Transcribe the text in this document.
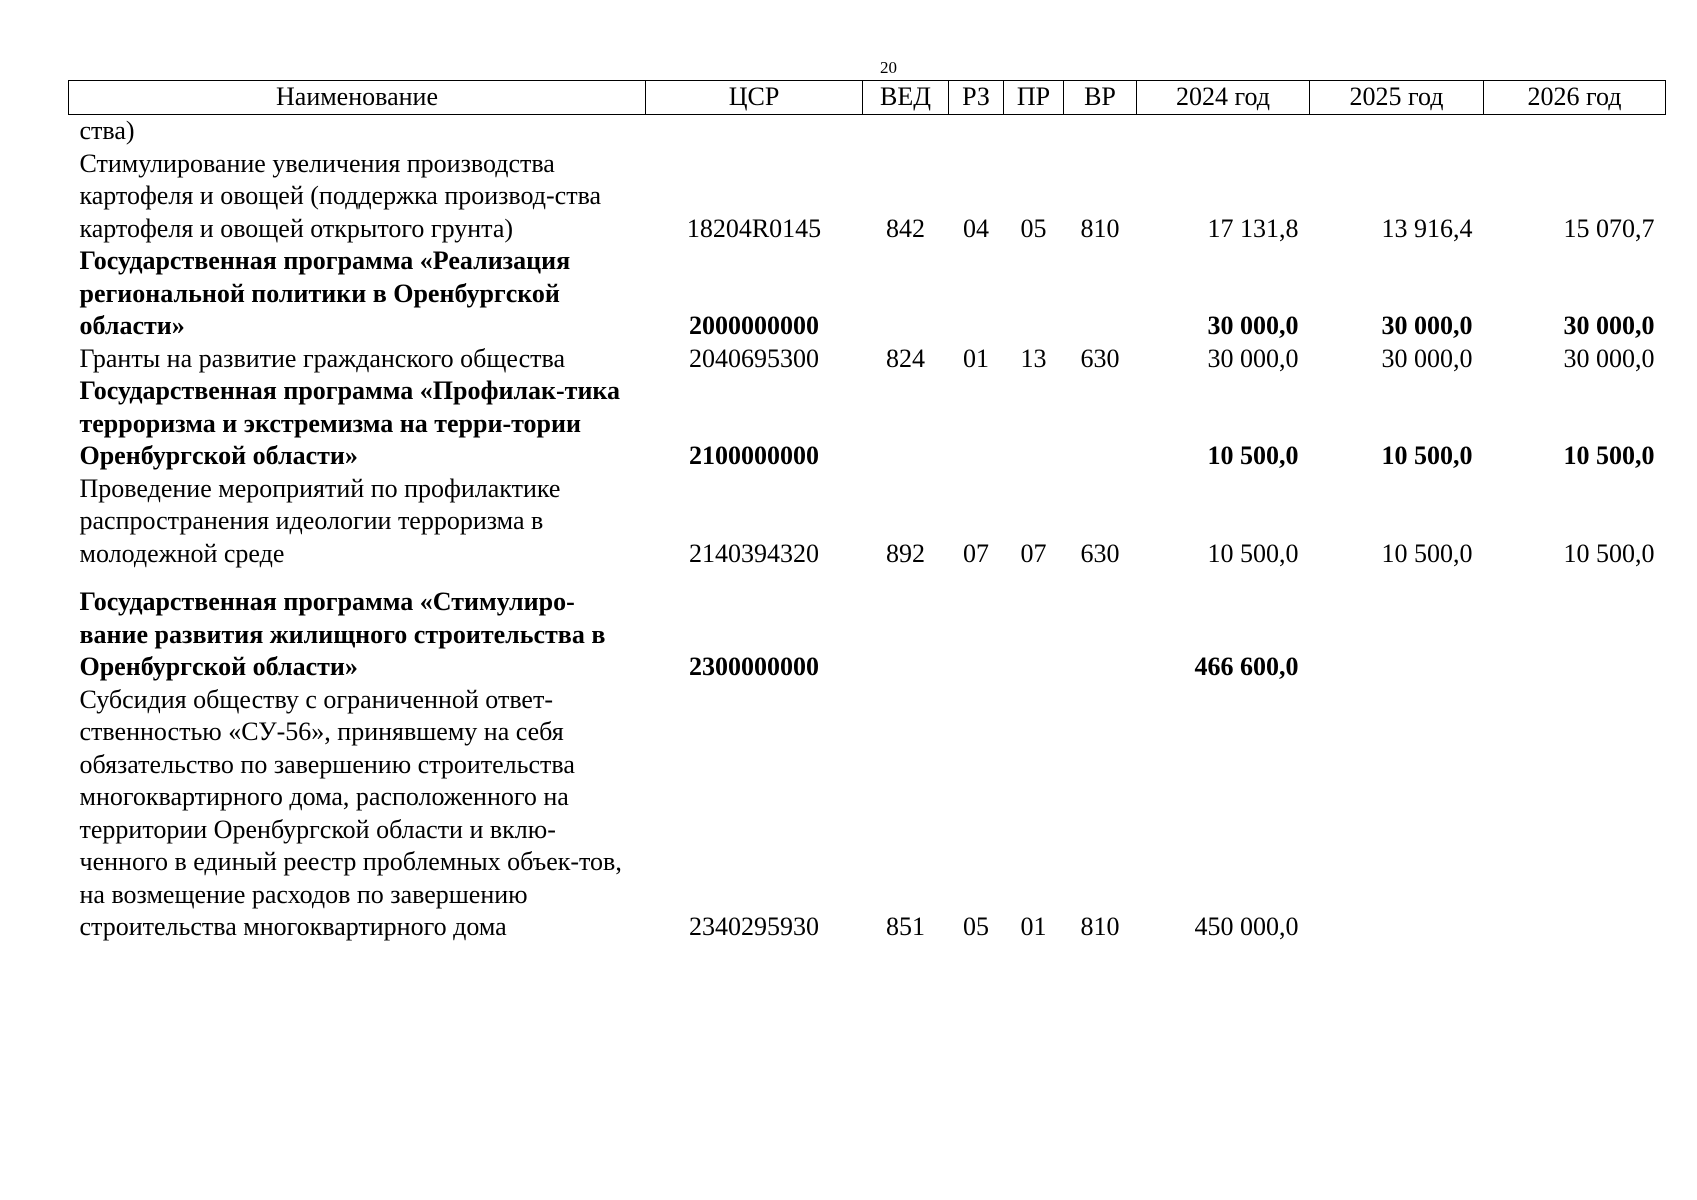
20
Наименование	ЦСР	ВЕД	РЗ	ПР	ВР	2024 год	2025 год	2026 год
ства)								
Стимулирование увеличения производства картофеля и овощей (поддержка производ-ства картофеля и овощей открытого грунта)	18204R0145	842	04	05	810	17 131,8	13 916,4	15 070,7
Государственная программа «Реализация региональной политики в Оренбургской области»	2000000000					30 000,0	30 000,0	30 000,0
Гранты на развитие гражданского общества	2040695300	824	01	13	630	30 000,0	30 000,0	30 000,0
Государственная программа «Профилак-тика терроризма и экстремизма на терри-тории Оренбургской области»	2100000000					10 500,0	10 500,0	10 500,0
Проведение мероприятий по профилактике распространения идеологии терроризма в молодежной среде	2140394320	892	07	07	630	10 500,0	10 500,0	10 500,0

Государственная программа «Стимулиро-вание развития жилищного строительства в Оренбургской области»	2300000000					466 600,0		
Субсидия обществу с ограниченной ответ-ственностью «СУ-56», принявшему на себя обязательство по завершению строительства многоквартирного дома, расположенного на территории Оренбургской области и вклю-ченного в единый реестр проблемных объек-тов, на возмещение расходов по завершению строительства многоквартирного дома	2340295930	851	05	01	810	450 000,0		
